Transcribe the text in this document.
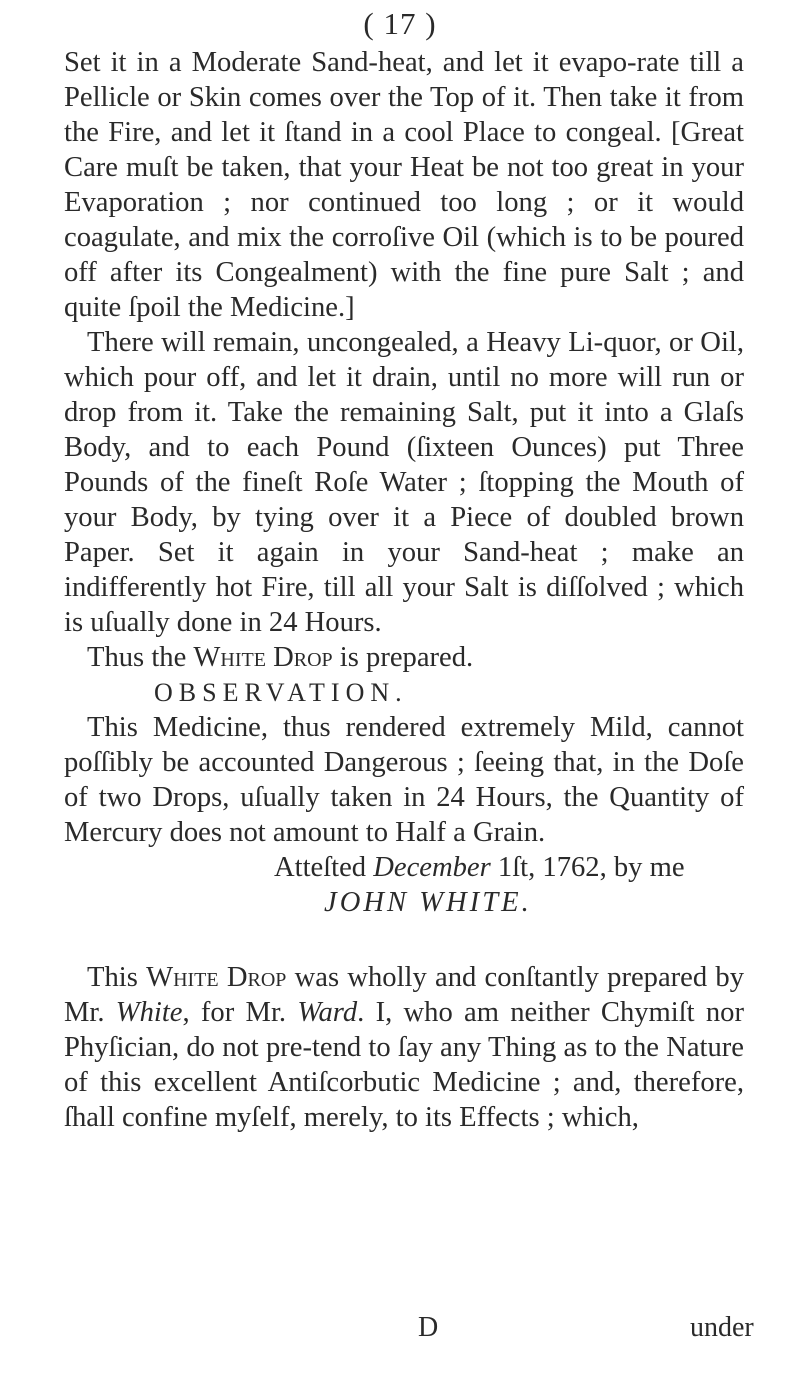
( 17 )

Set it in a Moderate Sand-heat, and let it evapo-rate till a Pellicle or Skin comes over the Top of it. Then take it from the Fire, and let it ſtand in a cool Place to congeal. [Great Care muſt be taken, that your Heat be not too great in your Evaporation ; nor continued too long ; or it would coagulate, and mix the corroſive Oil (which is to be poured off after its Congealment) with the fine pure Salt ; and quite ſpoil the Medicine.]

There will remain, uncongealed, a Heavy Li-quor, or Oil, which pour off, and let it drain, until no more will run or drop from it. Take the remaining Salt, put it into a Glaſs Body, and to each Pound (ſixteen Ounces) put Three Pounds of the fineſt Roſe Water ; ſtopping the Mouth of your Body, by tying over it a Piece of doubled brown Paper. Set it again in your Sand-heat ; make an indifferently hot Fire, till all your Salt is diſſolved ; which is uſually done in 24 Hours.

Thus the White Drop is prepared.

OBSERVATION.

This Medicine, thus rendered extremely Mild, cannot poſſibly be accounted Dangerous ; ſeeing that, in the Doſe of two Drops, uſually taken in 24 Hours, the Quantity of Mercury does not amount to Half a Grain.

Atteſted December 1ſt, 1762, by me

JOHN WHITE.

This White Drop was wholly and conſtantly prepared by Mr. White, for Mr. Ward. I, who am neither Chymiſt nor Phyſician, do not pre-tend to ſay any Thing as to the Nature of this excellent Antiſcorbutic Medicine ; and, therefore, ſhall confine myſelf, merely, to its Effects ; which,

D	under
